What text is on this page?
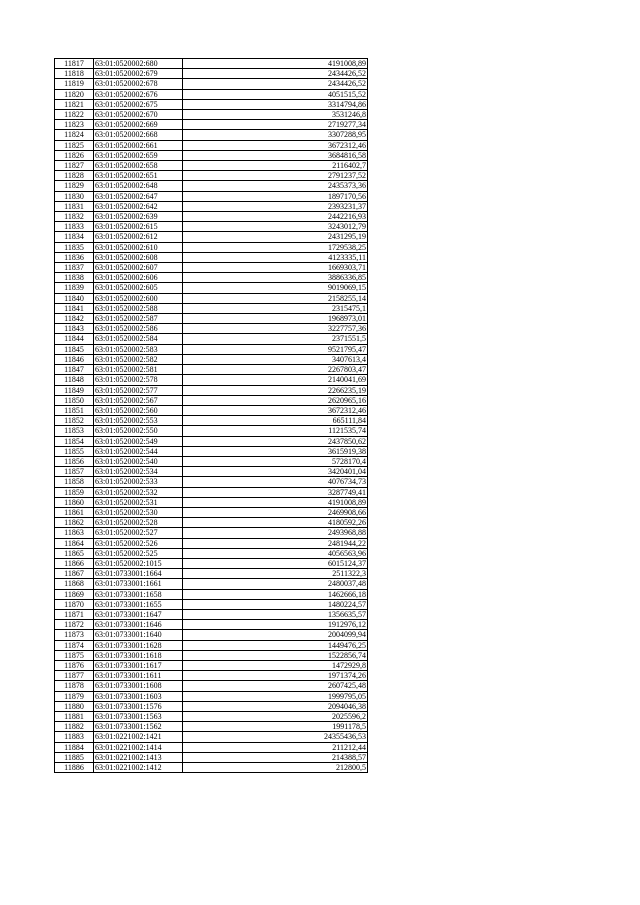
11817	63:01:0520002:680	4191008,89
11818	63:01:0520002:679	2434426,52
11819	63:01:0520002:678	2434426,52
11820	63:01:0520002:676	4051515,52
11821	63:01:0520002:675	3314794,86
11822	63:01:0520002:670	3531246,8
11823	63:01:0520002:669	2719277,34
11824	63:01:0520002:668	3307288,95
11825	63:01:0520002:661	3672312,46
11826	63:01:0520002:659	3684816,58
11827	63:01:0520002:658	2116402,7
11828	63:01:0520002:651	2791237,52
11829	63:01:0520002:648	2435373,36
11830	63:01:0520002:647	1897170,56
11831	63:01:0520002:642	2393231,37
11832	63:01:0520002:639	2442216,93
11833	63:01:0520002:615	3243012,79
11834	63:01:0520002:612	2431295,19
11835	63:01:0520002:610	1729538,25
11836	63:01:0520002:608	4123335,11
11837	63:01:0520002:607	1669303,71
11838	63:01:0520002:606	3886336,85
11839	63:01:0520002:605	9019069,15
11840	63:01:0520002:600	2158255,14
11841	63:01:0520002:588	2315475,1
11842	63:01:0520002:587	1968973,01
11843	63:01:0520002:586	3227757,36
11844	63:01:0520002:584	2371551,5
11845	63:01:0520002:583	9521795,47
11846	63:01:0520002:582	3407613,4
11847	63:01:0520002:581	2267803,47
11848	63:01:0520002:578	2140041,69
11849	63:01:0520002:577	2266235,19
11850	63:01:0520002:567	2620965,16
11851	63:01:0520002:560	3672312,46
11852	63:01:0520002:553	665111,84
11853	63:01:0520002:550	1121535,74
11854	63:01:0520002:549	2437850,62
11855	63:01:0520002:544	3615919,38
11856	63:01:0520002:540	5728170,4
11857	63:01:0520002:534	3420401,04
11858	63:01:0520002:533	4076734,73
11859	63:01:0520002:532	3287749,41
11860	63:01:0520002:531	4191008,89
11861	63:01:0520002:530	2469908,66
11862	63:01:0520002:528	4180592,26
11863	63:01:0520002:527	2493968,88
11864	63:01:0520002:526	2481944,22
11865	63:01:0520002:525	4056563,96
11866	63:01:0520002:1015	6015124,37
11867	63:01:0733001:1664	2511322,3
11868	63:01:0733001:1661	2480037,48
11869	63:01:0733001:1658	1462666,18
11870	63:01:0733001:1655	1480224,57
11871	63:01:0733001:1647	1356635,57
11872	63:01:0733001:1646	1912976,12
11873	63:01:0733001:1640	2004099,94
11874	63:01:0733001:1628	1449476,25
11875	63:01:0733001:1618	1522856,74
11876	63:01:0733001:1617	1472929,8
11877	63:01:0733001:1611	1971374,26
11878	63:01:0733001:1608	2607425,48
11879	63:01:0733001:1603	1999795,05
11880	63:01:0733001:1576	2094046,38
11881	63:01:0733001:1563	2025596,2
11882	63:01:0733001:1562	1991178,5
11883	63:01:0221002:1421	24355436,53
11884	63:01:0221002:1414	211212,44
11885	63:01:0221002:1413	214388,57
11886	63:01:0221002:1412	212800,5
